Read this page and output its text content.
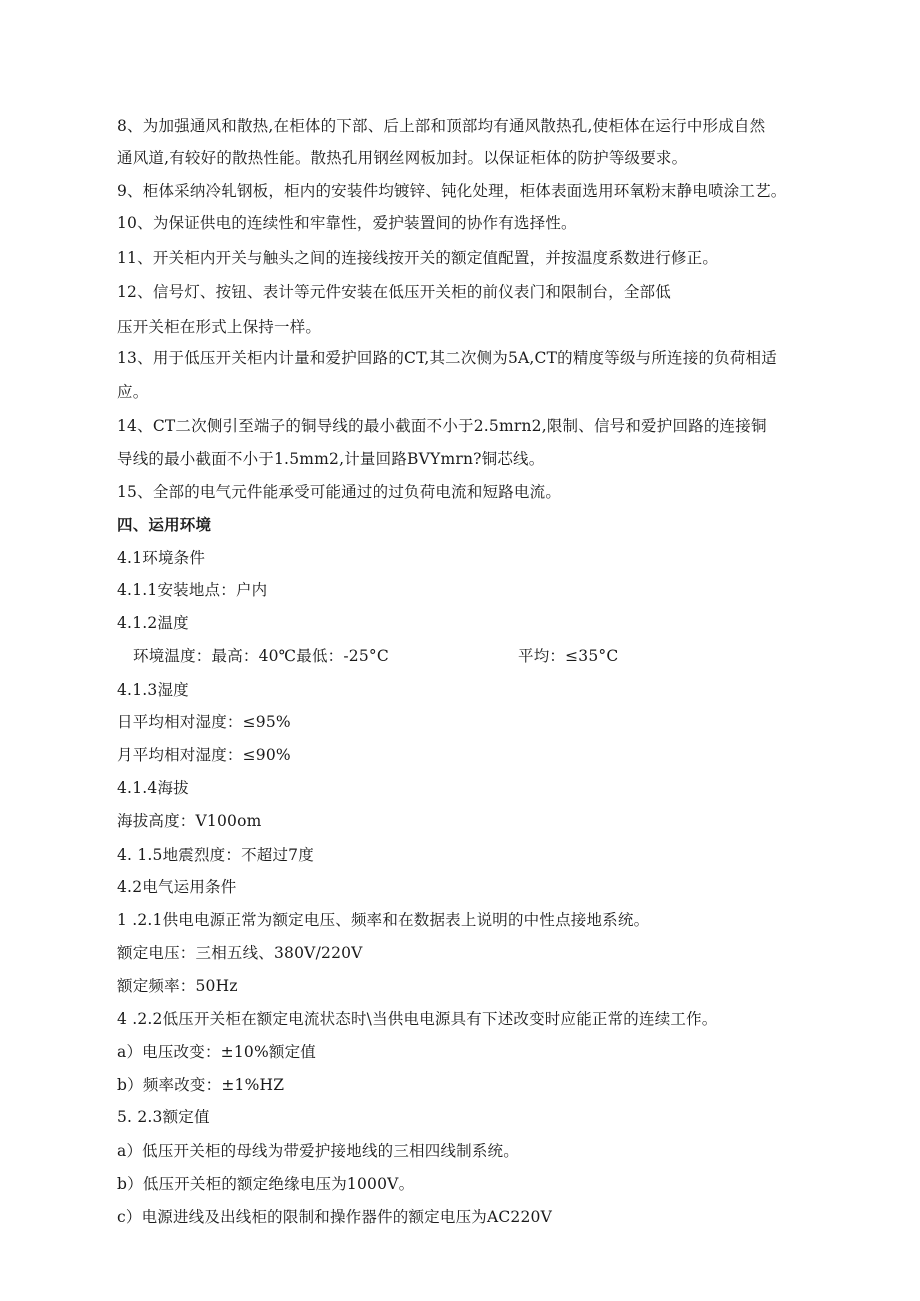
8、为加强通风和散热,在柜体的下部、后上部和顶部均有通风散热孔,使柜体在运行中形成自然

通风道,有较好的散热性能。散热孔用钢丝网板加封。以保证柜体的防护等级要求。

9、柜体采纳冷轧钢板，柜内的安装件均镀锌、钝化处理，柜体表面选用环氧粉末静电喷涂工艺。

10、为保证供电的连续性和牢靠性，爱护装置间的协作有选择性。

11、开关柜内开关与触头之间的连接线按开关的额定值配置，并按温度系数进行修正。

12、信号灯、按钮、表计等元件安装在低压开关柜的前仪表门和限制台，全部低

压开关柜在形式上保持一样。

13、用于低压开关柜内计量和爱护回路的CT,其二次侧为5A,CT的精度等级与所连接的负荷相适

应。

14、CT二次侧引至端子的铜导线的最小截面不小于2.5mrn2,限制、信号和爱护回路的连接铜

导线的最小截面不小于1.5mm2,计量回路BVYmrn?铜芯线。

15、全部的电气元件能承受可能通过的过负荷电流和短路电流。

四、运用环境

4.1环境条件

4.1.1安装地点：户内

4.1.2温度

环境温度：最高：40℃最低：-25°C	平均：≤35°C

4.1.3湿度

日平均相对湿度：≤95%

月平均相对湿度：≤90%

4.1.4海拔

海拔高度：V100om

4. 1.5地震烈度：不超过7度

4.2电气运用条件

1 .2.1供电电源正常为额定电压、频率和在数据表上说明的中性点接地系统。

额定电压：三相五线、380V/220V

额定频率：50Hz

4 .2.2低压开关柜在额定电流状态时\当供电电源具有下述改变时应能正常的连续工作。

a）电压改变：±10%额定值

b）频率改变：±1%HZ

5. 2.3额定值

a）低压开关柜的母线为带爱护接地线的三相四线制系统。

b）低压开关柜的额定绝缘电压为1000V。

c）电源进线及出线柜的限制和操作器件的额定电压为AC220V
